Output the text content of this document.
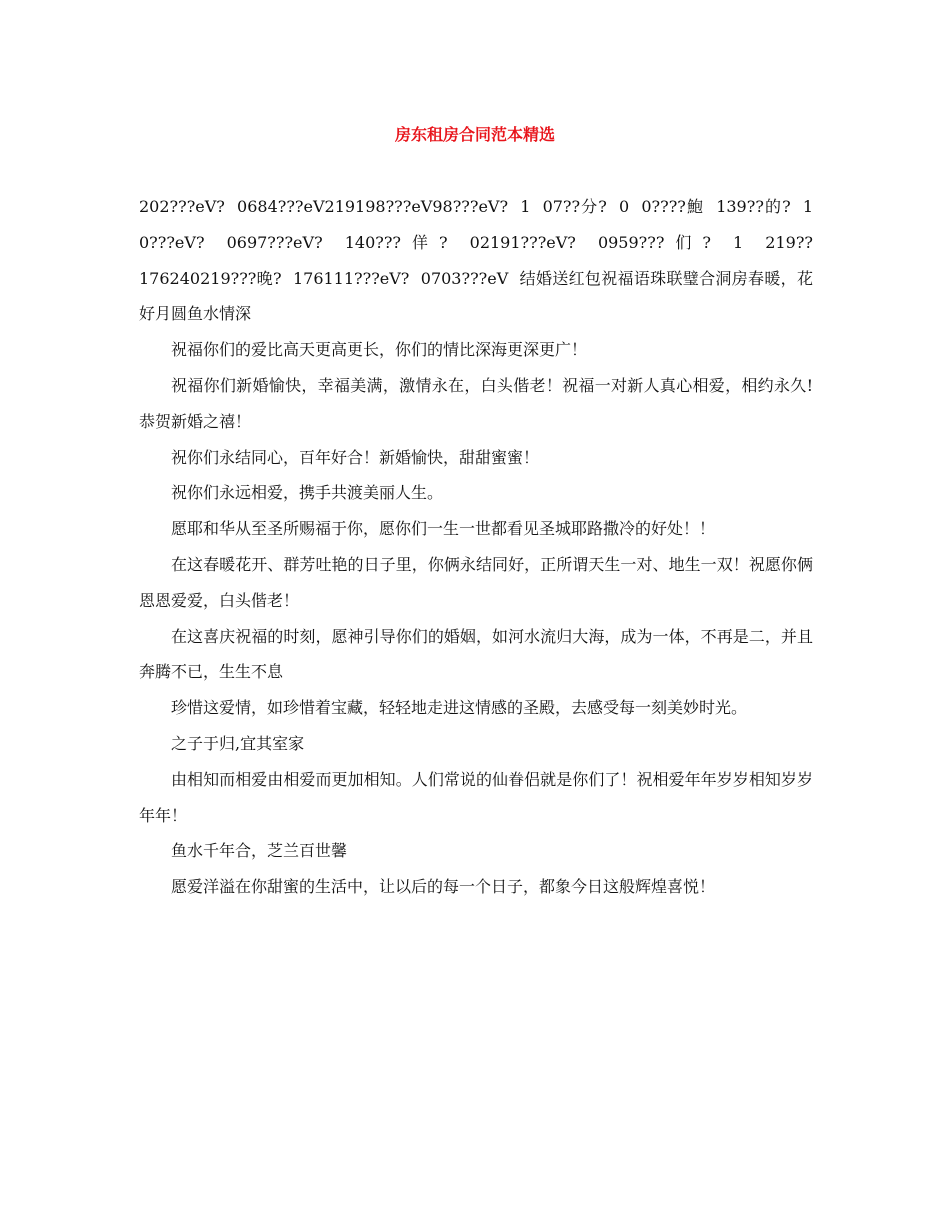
房东租房合同范本精选

202???eV? 0684???eV219198???eV98???eV? 1 07??分? 0 0????鮑 139??的? 1 0???eV? 0697???eV? 140???佯? 02191???eV? 0959???们? 1 219??176240219???晚? 176111???eV? 0703???eV 结婚送红包祝福语珠联璧合洞房春暖，花好月圆鱼水情深

祝福你们的爱比高天更高更长，你们的情比深海更深更广！

祝福你们新婚愉快，幸福美满，激情永在，白头偕老！祝福一对新人真心相爱，相约永久!恭贺新婚之禧！

祝你们永结同心，百年好合！新婚愉快，甜甜蜜蜜！

祝你们永远相爱，携手共渡美丽人生。

愿耶和华从至圣所赐福于你，愿你们一生一世都看见圣城耶路撒冷的好处！！

在这春暖花开、群芳吐艳的日子里，你俩永结同好，正所谓天生一对、地生一双！祝愿你俩恩恩爱爱，白头偕老！

在这喜庆祝福的时刻，愿神引导你们的婚姻，如河水流归大海，成为一体，不再是二，并且奔腾不已，生生不息

珍惜这爱情，如珍惜着宝藏，轻轻地走进这情感的圣殿，去感受每一刻美妙时光。

之子于归,宜其室家

由相知而相爱由相爱而更加相知。人们常说的仙眷侣就是你们了！祝相爱年年岁岁相知岁岁年年！

鱼水千年合，芝兰百世馨

愿爱洋溢在你甜蜜的生活中，让以后的每一个日子，都象今日这般辉煌喜悦！
